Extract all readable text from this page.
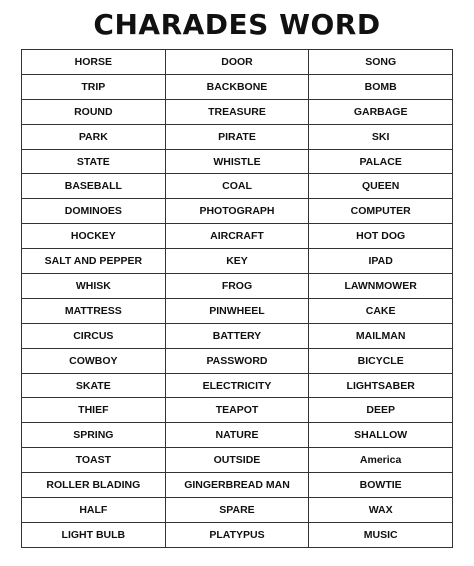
CHARADES WORD
HORSE	DOOR	SONG
TRIP	BACKBONE	BOMB
ROUND	TREASURE	GARBAGE
PARK	PIRATE	SKI
STATE	WHISTLE	PALACE
BASEBALL	COAL	QUEEN
DOMINOES	PHOTOGRAPH	COMPUTER
HOCKEY	AIRCRAFT	HOT DOG
SALT AND PEPPER	KEY	IPAD
WHISK	FROG	LAWNMOWER
MATTRESS	PINWHEEL	CAKE
CIRCUS	BATTERY	MAILMAN
COWBOY	PASSWORD	BICYCLE
SKATE	ELECTRICITY	LIGHTSABER
THIEF	TEAPOT	DEEP
SPRING	NATURE	SHALLOW
TOAST	OUTSIDE	America
ROLLER BLADING	GINGERBREAD MAN	BOWTIE
HALF	SPARE	WAX
LIGHT BULB	PLATYPUS	MUSIC
